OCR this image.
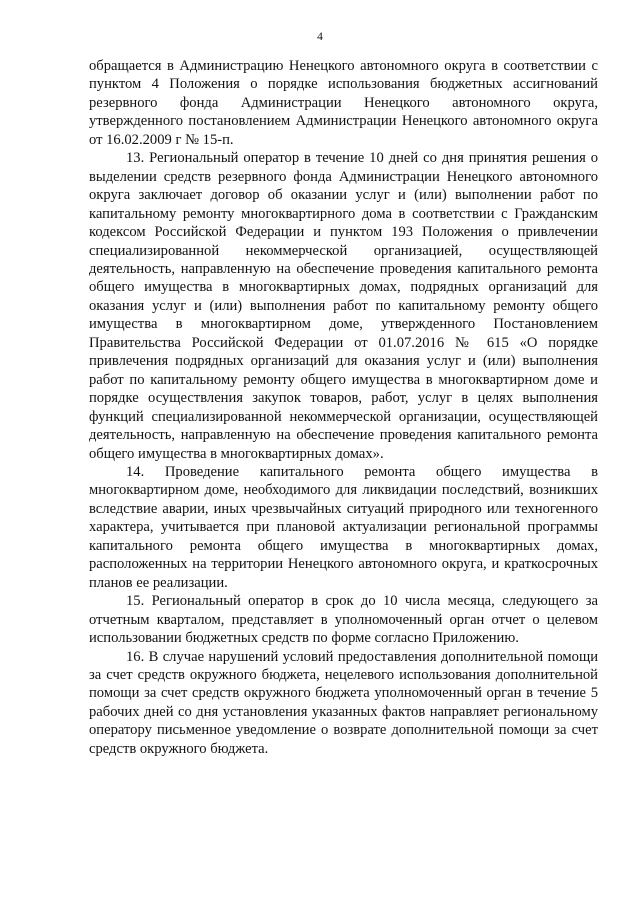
4

обращается в Администрацию Ненецкого автономного округа в соответствии с пунктом 4 Положения о порядке использования бюджетных ассигнований резервного фонда Администрации Ненецкого автономного округа, утвержденного постановлением Администрации Ненецкого автономного округа от 16.02.2009 г № 15-п.

13. Региональный оператор в течение 10 дней со дня принятия решения о выделении средств резервного фонда Администрации Ненецкого автономного округа заключает договор об оказании услуг и (или) выполнении работ по капитальному ремонту многоквартирного дома в соответствии с Гражданским кодексом Российской Федерации и пунктом 193 Положения о привлечении специализированной некоммерческой организацией, осуществляющей деятельность, направленную на обеспечение проведения капитального ремонта общего имущества в многоквартирных домах, подрядных организаций для оказания услуг и (или) выполнения работ по капитальному ремонту общего имущества в многоквартирном доме, утвержденного Постановлением Правительства Российской Федерации от 01.07.2016 № 615 «О порядке привлечения подрядных организаций для оказания услуг и (или) выполнения работ по капитальному ремонту общего имущества в многоквартирном доме и порядке осуществления закупок товаров, работ, услуг в целях выполнения функций специализированной некоммерческой организации, осуществляющей деятельность, направленную на обеспечение проведения капитального ремонта общего имущества в многоквартирных домах».

14. Проведение капитального ремонта общего имущества в многоквартирном доме, необходимого для ликвидации последствий, возникших вследствие аварии, иных чрезвычайных ситуаций природного или техногенного характера, учитывается при плановой актуализации региональной программы капитального ремонта общего имущества в многоквартирных домах, расположенных на территории Ненецкого автономного округа, и краткосрочных планов ее реализации.

15. Региональный оператор в срок до 10 числа месяца, следующего за отчетным кварталом, представляет в уполномоченный орган отчет о целевом использовании бюджетных средств по форме согласно Приложению.

16. В случае нарушений условий предоставления дополнительной помощи за счет средств окружного бюджета, нецелевого использования дополнительной помощи за счет средств окружного бюджета уполномоченный орган в течение 5 рабочих дней со дня установления указанных фактов направляет региональному оператору письменное уведомление о возврате дополнительной помощи за счет средств окружного бюджета.
